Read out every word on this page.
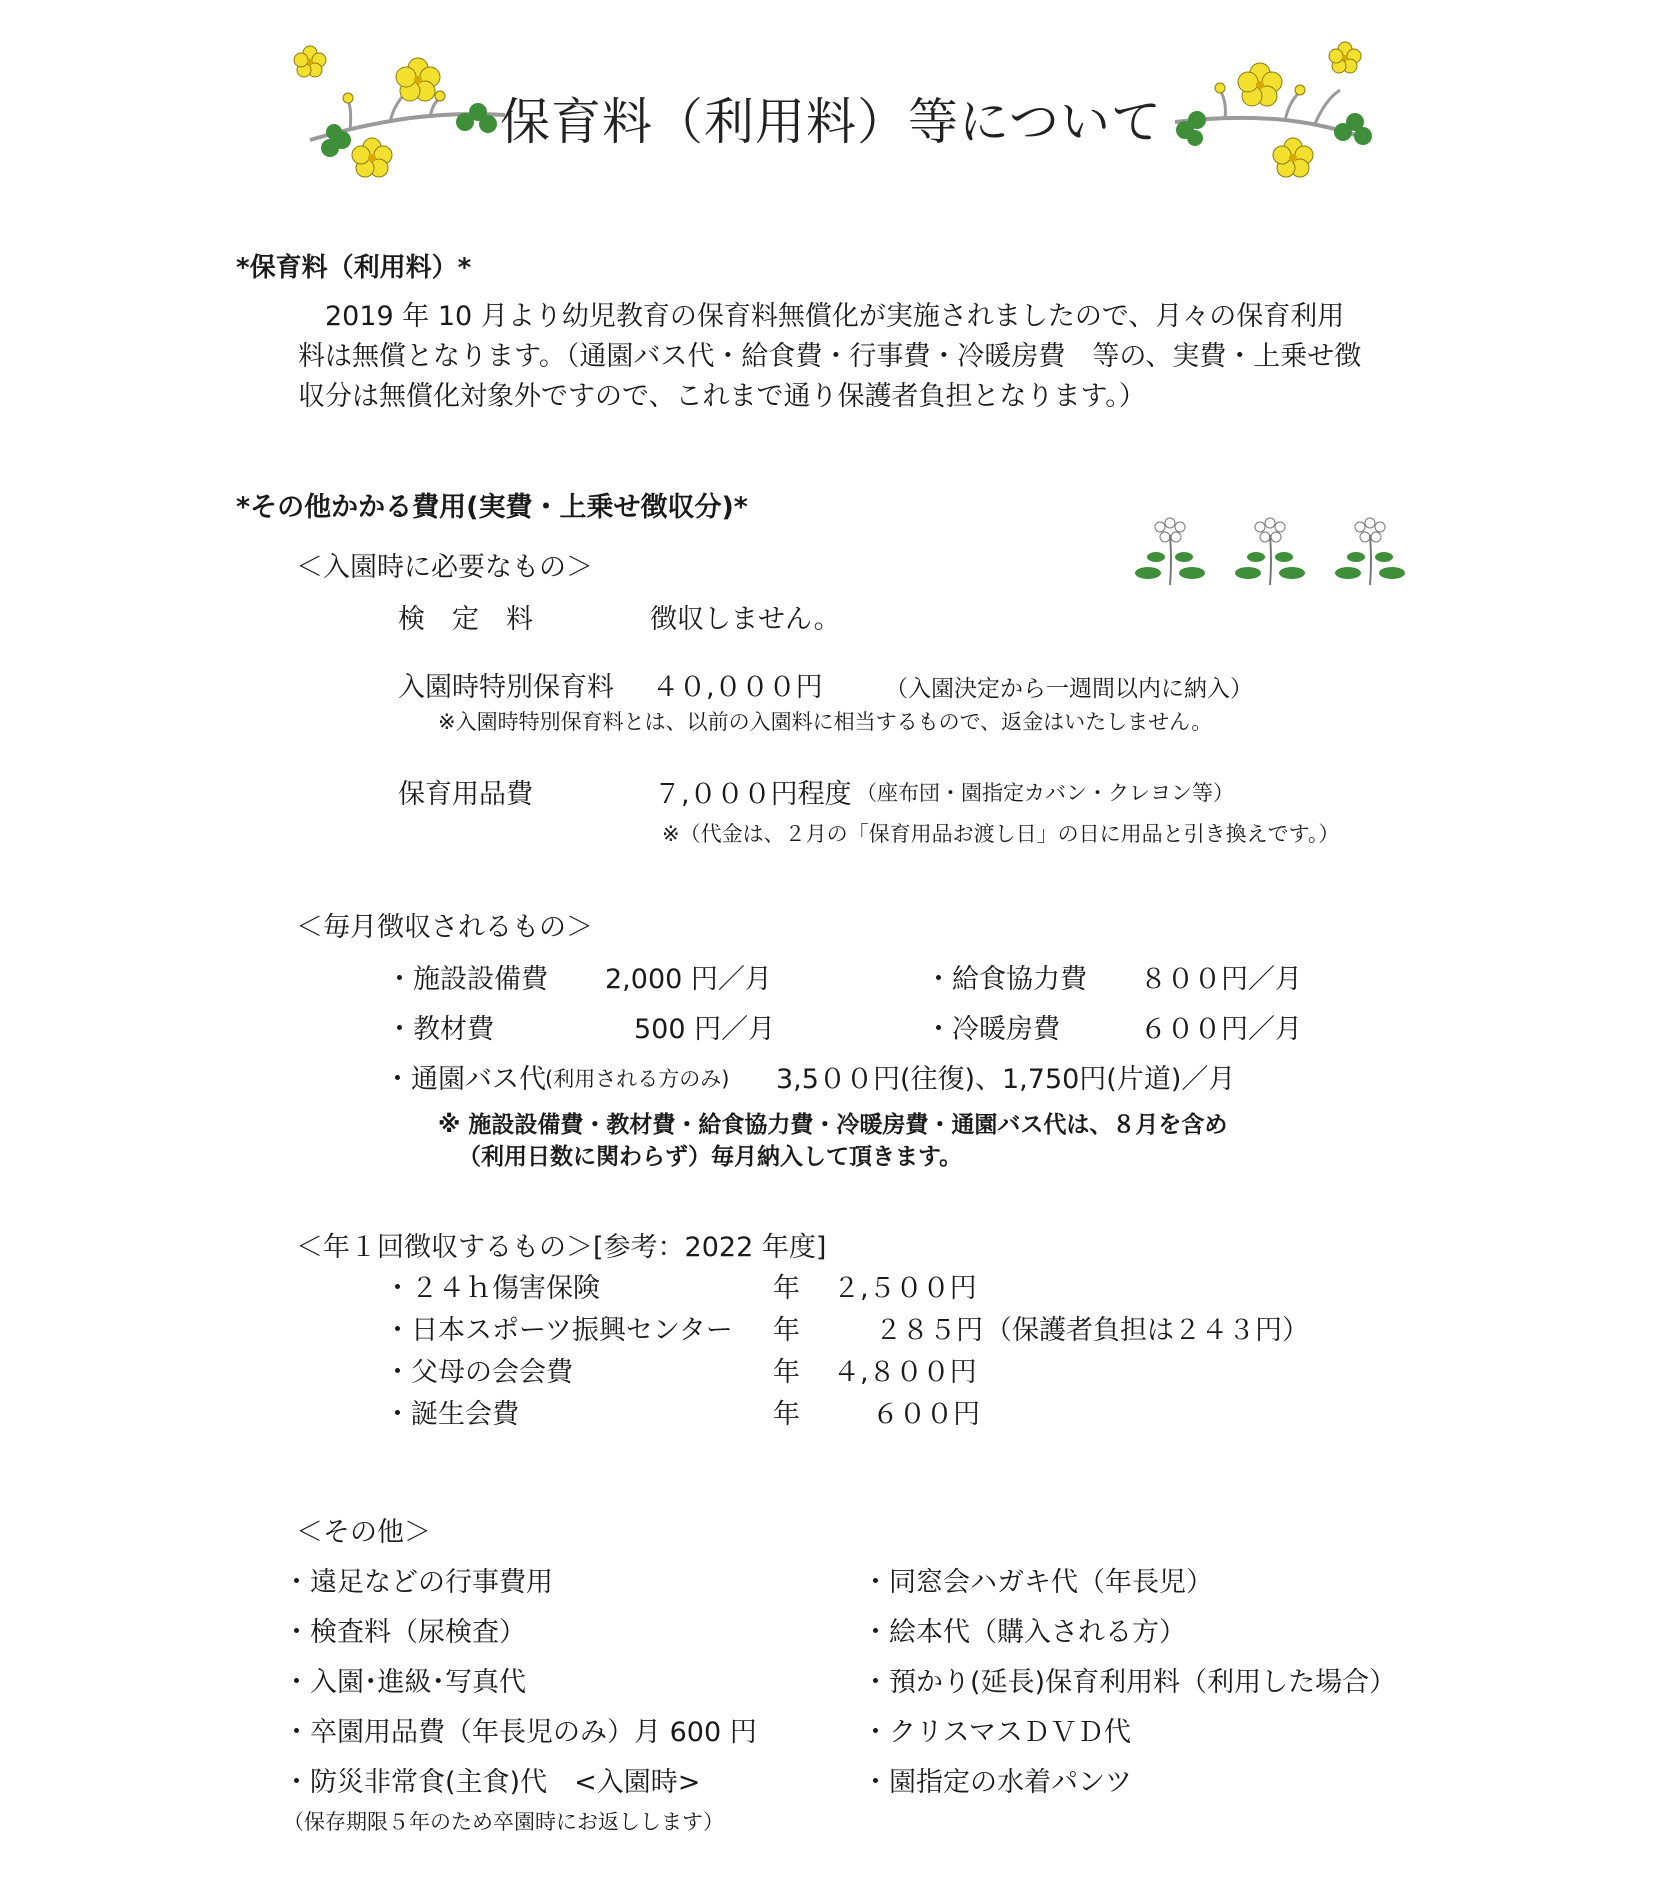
保育料（利用料）等について
*保育料（利用料）*
　2019 年 10 月より幼児教育の保育料無償化が実施されましたので、月々の保育利用
料は無償となります。（通園バス代・給食費・行事費・冷暖房費　等の、実費・上乗せ徴
収分は無償化対象外ですので、これまで通り保護者負担となります。）
*その他かかる費用(実費・上乗せ徴収分)*
＜入園時に必要なもの＞
検　定　料	徴収しません。
入園時特別保育料 ４０,０００円	（入園決定から一週間以内に納入）
※入園時特別保育料とは、以前の入園料に相当するもので、返金はいたしません。
保育用品費	７,０００円程度 （座布団・園指定カバン・クレヨン等）
※（代金は、２月の「保育用品お渡し日」の日に用品と引き換えです。）
＜毎月徴収されるもの＞
・施設設備費 2,000 円／月	・給食協力費 ８００円／月
・教材費	500 円／月	・冷暖房費	６００円／月
・通園バス代 (利用される方のみ) 3,5００円(往復)、1,750円(片道)／月
※ 施設設備費・教材費・給食協力費・冷暖房費・通園バス代は、８月を含め
（利用日数に関わらず）毎月納入して頂きます。
＜年１回徴収するもの＞[参考：2022 年度]
・２４ｈ傷害保険	年 ２,５００円
・日本スポーツ振興センター 年	２８５円 （保護者負担は２４３円）
・父母の会会費	年 ４,８００円
・誕生会費	年	６００円
＜その他＞
・遠足などの行事費用
・検査料（尿検査）
・入園･進級･写真代
・卒園用品費（年長児のみ）月 600 円
・防災非常食(主食)代　<入園時>
（保存期限５年のため卒園時にお返しします）
・同窓会ハガキ代（年長児）
・絵本代（購入される方）
・預かり(延長)保育利用料（利用した場合）
・クリスマスＤＶＤ代
・園指定の水着パンツ
